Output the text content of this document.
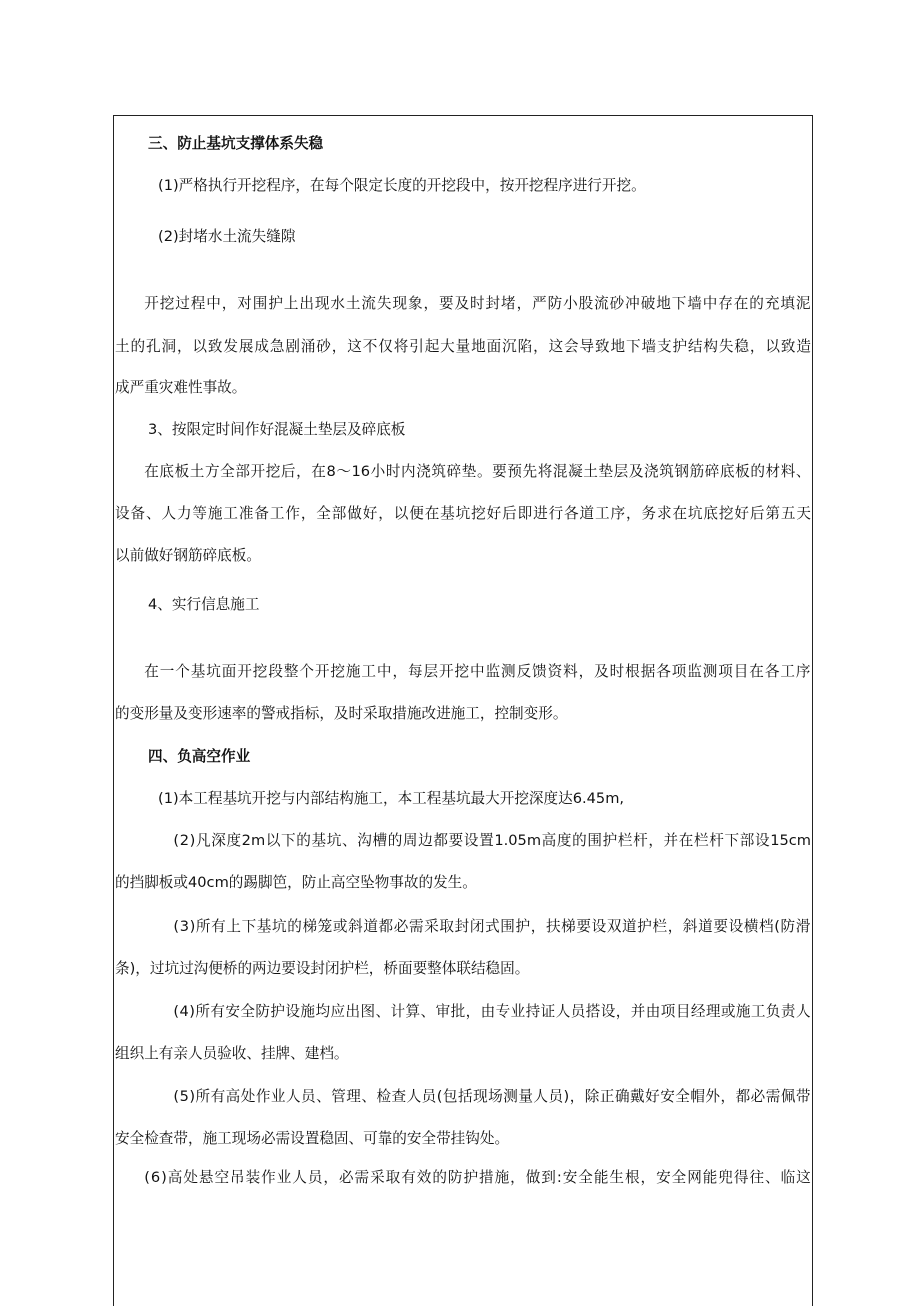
三、防止基坑支撑体系失稳
(1)严格执行开挖程序，在每个限定长度的开挖段中，按开挖程序进行开挖。
(2)封堵水土流失缝隙
开 挖 过 程 中 ， 对 围 护 上 出 现 水 土 流 失 现 象 ， 要 及 时 封 堵 ， 严 防 小 股 流 砂 冲 破 地 下 墙 中 存 在 的 充 填 泥
土 的 孔 洞 ， 以 致 发 展 成 急 剧 涌 砂 ， 这 不 仅 将 引 起 大 量 地 面 沉 陷 ， 这 会 导 致 地 下 墙 支 护 结 构 失 稳 ， 以 致 造
成严重灾难性事故。
3、按限定时间作好混凝土垫层及碎底板
在 底 板 土 方 全 部 开 挖 后 ， 在 8 ～ 16 小 时 内 浇 筑 碎 垫 。 要 预 先 将 混 凝 土 垫 层 及 浇 筑 钢 筋 碎 底 板 的 材 料 、
设 备 、 人 力 等 施 工 准 备 工 作 ， 全 部 做 好 ， 以 便 在 基 坑 挖 好 后 即 进 行 各 道 工 序 ， 务 求 在 坑 底 挖 好 后 第 五 天
以前做好钢筋碎底板。
4、实行信息施工
在 一 个 基 坑 面 开 挖 段 整 个 开 挖 施 工 中 ， 每 层 开 挖 中 监 测 反 馈 资 料 ， 及 时 根 据 各 项 监 测 项 目 在 各 工 序
的变形量及变形速率的警戒指标，及时采取措施改进施工，控制变形。
四、负高空作业
(1)本工程基坑开挖与内部结构施工，本工程基坑最大开挖深度达6.45m,
( 2 ) 凡 深 度 2m 以 下 的 基 坑 、 沟 槽 的 周 边 都 要 设 置 1.05m 高 度 的 围 护 栏 杆 ， 并 在 栏 杆 下 部 设 15cm
的挡脚板或40cm的踢脚笆，防止高空坠物事故的发生。
( 3 ) 所 有 上 下 基 坑 的 梯 笼 或 斜 道 都 必 需 采 取 封 闭 式 围 护 ， 扶 梯 要 设 双 道 护 栏 ， 斜 道 要 设 横 档 ( 防 滑
条)，过坑过沟便桥的两边要设封闭护栏，桥面要整体联结稳固。
( 4 ) 所 有 安 全 防 护 设 施 均 应 出 图 、 计 算 、 审 批 ， 由 专 业 持 证 人 员 搭 设 ， 并 由 项 目 经 理 或 施 工 负 责 人
组织上有亲人员验收、挂牌、建档。
( 5 ) 所 有 高 处 作 业 人 员 、 管 理 、 检 查 人 员 ( 包 括 现 场 测 量 人 员 ) ， 除 正 确 戴 好 安 全 帽 外 ， 都 必 需 佩 带
安全检查带，施工现场必需设置稳固、可靠的安全带挂钩处。
( 6 ) 高 处 悬 空 吊 装 作 业 人 员 ， 必 需 采 取 有 效 的 防 护 措 施 ， 做 到 : 安 全 能 生 根 ， 安 全 网 能 兜 得 往 、 临 这
